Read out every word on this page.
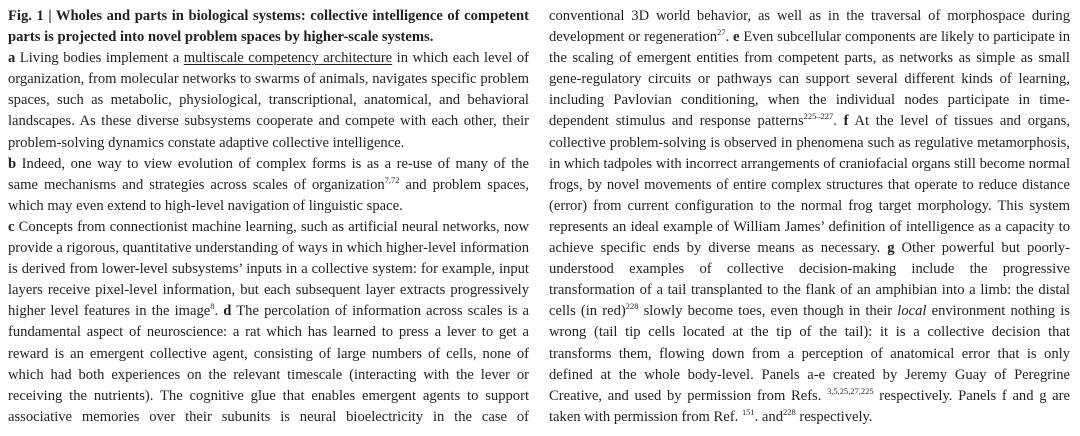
Fig. 1 | Wholes and parts in biological systems: collective intelligence of competent parts is projected into novel problem spaces by higher-scale systems.
a Living bodies implement a multiscale competency architecture in which each level of organization, from molecular networks to swarms of animals, navigates specific problem spaces, such as metabolic, physiological, transcriptional, anatomical, and behavioral landscapes. As these diverse subsystems cooperate and compete with each other, their problem-solving dynamics constate adaptive collective intelligence.
b Indeed, one way to view evolution of complex forms is as a re-use of many of the same mechanisms and strategies across scales of organization$^{7,72}$ and problem spaces, which may even extend to high-level navigation of linguistic space.
c Concepts from connectionist machine learning, such as artificial neural networks, now provide a rigorous, quantitative understanding of ways in which higher-level information is derived from lower-level subsystems’ inputs in a collective system: for example, input layers receive pixel-level information, but each subsequent layer extracts progressively higher level features in the image$^8$. d The percolation of information across scales is a fundamental aspect of neuroscience: a rat which has learned to press a lever to get a reward is an emergent collective agent, consisting of large numbers of cells, none of which had both experiences on the relevant timescale (interacting with the lever or receiving the nutrients). The cognitive glue that enables emergent agents to support associative memories over their subunits is neural bioelectricity in the case of conventional 3D world behavior, as well as in the traversal of morphospace during development or regeneration$^{27}$. e Even subcellular components are likely to participate in the scaling of emergent entities from competent parts, as networks as simple as small gene-regulatory circuits or pathways can support several different kinds of learning, including Pavlovian conditioning, when the individual nodes participate in time-dependent stimulus and response patterns$^{225-227}$. f At the level of tissues and organs, collective problem-solving is observed in phenomena such as regulative metamorphosis, in which tadpoles with incorrect arrangements of craniofacial organs still become normal frogs, by novel movements of entire complex structures that operate to reduce distance (error) from current configuration to the normal frog target morphology. This system represents an ideal example of William James’ definition of intelligence as a capacity to achieve specific ends by diverse means as necessary. g Other powerful but poorly-understood examples of collective decision-making include the progressive transformation of a tail transplanted to the flank of an amphibian into a limb: the distal cells (in red)$^{228}$ slowly become toes, even though in their local environment nothing is wrong (tail tip cells located at the tip of the tail): it is a collective decision that transforms them, flowing down from a perception of anatomical error that is only defined at the whole body-level. Panels a-e created by Jeremy Guay of Peregrine Creative, and used by permission from Refs. $^{3,5,25,27,225}$ respectively. Panels f and g are taken with permission from Ref. $^{151}$. and$^{228}$ respectively.
